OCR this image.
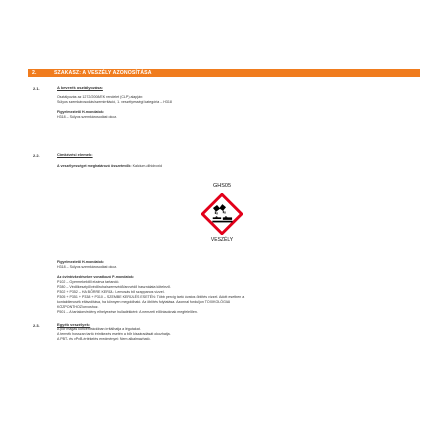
2.	SZAKASZ: A VESZÉLY AZONOSÍTÁSA
2.1.	A keverék osztályozása:

Osztályozás az 1272/2008/EK rendelet (CLP) alapján:

Súlyos szemkárosodás/szemirritáció, 1. veszélyességi kategória – H318

Figyelmeztető H-mondatok:

H318 – Súlyos szemkárosodást okoz.

2.2.	Címkézési elemek:

A veszélyességet meghatározó összetevők: Kalcium-dihidroxid

GHS05
VESZÉLY

Figyelmeztető H-mondatok:

H318 – Súlyos szemkárosodást okoz.

Az óvintézkedésekre vonatkozó P-mondatok:

P102 – Gyermekektől elzárva tartandó.

P280 – Védőkesztyű/védőruha/szemvédő/arcvédő használata kötelező.

P302 + P352 – HA BŐRRE KERÜL: Lemosás bő szappanos vízzel.

P305 + P351 + P338 + P310 – SZEMBE KERÜLÉS ESETÉN: Több percig tartó óvatos öblítés vízzel. Adott esetben a

kontaktlencsék eltávolítása, ha könnyen megoldható. Az öblítés folytatása. Azonnal forduljon TOXIKOLÓGIAI

KÖZPONTHOZ/orvoshoz.

P501 – A tartalom/edény elhelyezése hulladékként: A nemzeti előírásoknak megfelelően.

2.3.	Egyéb veszélyek:

A por magas koncentrációban irritálhatja a légutakat.

A termék hosszan tartó érintkezés esetén a bőr kiszáradását okozhatja.

A PBT- és vPvB-értékelés eredményei: Nem alkalmazható.
